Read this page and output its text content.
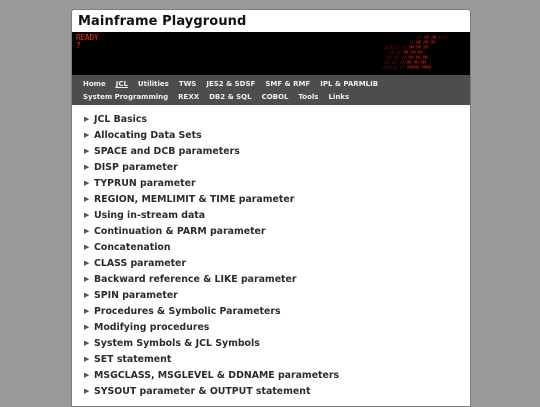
Mainframe Playground
READY
?
// MM MM ////
// MM MM MM
////// // MM MM MM
// // MM MM MM
// // // MM MM MM
// // // MM MM MM
////// // MMMMM MMMM
Home	JCL	Utilities	TWS	JES2 & SDSF	SMF & RMF	IPL & PARMLIB
System Programming	REXX	DB2 & SQL	COBOL	Tools	Links
▶ JCL Basics
▶ Allocating Data Sets
▶ SPACE and DCB parameters
▶ DISP parameter
▶ TYPRUN parameter
▶ REGION, MEMLIMIT & TIME parameter
▶ Using in-stream data
▶ Continuation & PARM parameter
▶ Concatenation
▶ CLASS parameter
▶ Backward reference & LIKE parameter
▶ SPIN parameter
▶ Procedures & Symbolic Parameters
▶ Modifying procedures
▶ System Symbols & JCL Symbols
▶ SET statement
▶ MSGCLASS, MSGLEVEL & DDNAME parameters
▶ SYSOUT parameter & OUTPUT statement
